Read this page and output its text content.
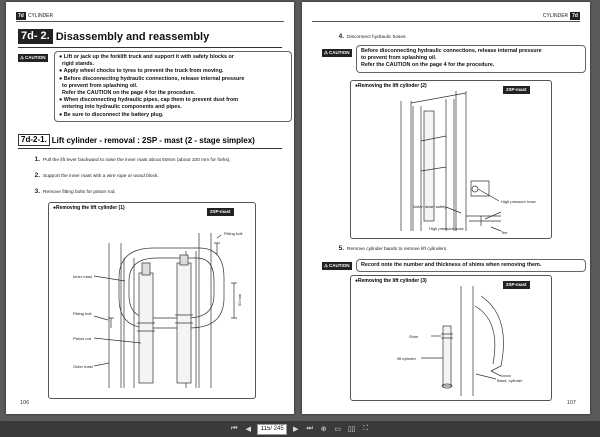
7d CYLINDER
7d- 2. Disassembly and reassembly
⚠ CAUTION ● Lift or jack up the forklift truck and support it with safety blocks or
rigid stands.
● Apply wheel chocks to tyres to prevent the truck from moving.
● Before disconnecting hydraulic connections, release internal pressure
to prevent from splashing oil.
Refer the CAUTION on the page 4 for the procedure.
● When disconnecting hydraulic pipes, cap them to prevent dust from
entering into hydraulic components and pipes.
● Be sure to disconnect the battery plug.
7d-2-1. Lift cylinder - removal : 2SP - mast (2 - stage simplex)
1. Pull the lift lever backward to raise the inner mast about 50mm (about 100 mm for forks).
2. Support the inner mast with a wire rope or wood block.
3. Remove fitting bolts for piston rod.
Fitting bolt
Inner mast
Fitting bolt
Piston rod
Outer mast
50 mm
●Removing the lift cylinder (1)
2SP-mast
106
CYLINDER 7d
4. Disconnect hydraulic hoses.
⚠ CAUTION Before disconnecting hydraulic connections, release internal pressure
to prevent from splashing oil.
Refer the CAUTION on the page 4 for the procedure.
High pressure hose
Valve, down safety
High pressure hose
Tee
●Removing the lift cylinder (2)
2SP-mast
5. Remove cylinder bands to remove lift cylinders.
⚠ CAUTION Record note the number and thickness of shims when removing them.
Shim
lift cylinder
Band, cylinder
●Removing the lift cylinder (3)
2SP-mast
107
⏮	◀
115	/ 245	▶	⏭ ⊕ ▭ ▯▯	⛶
